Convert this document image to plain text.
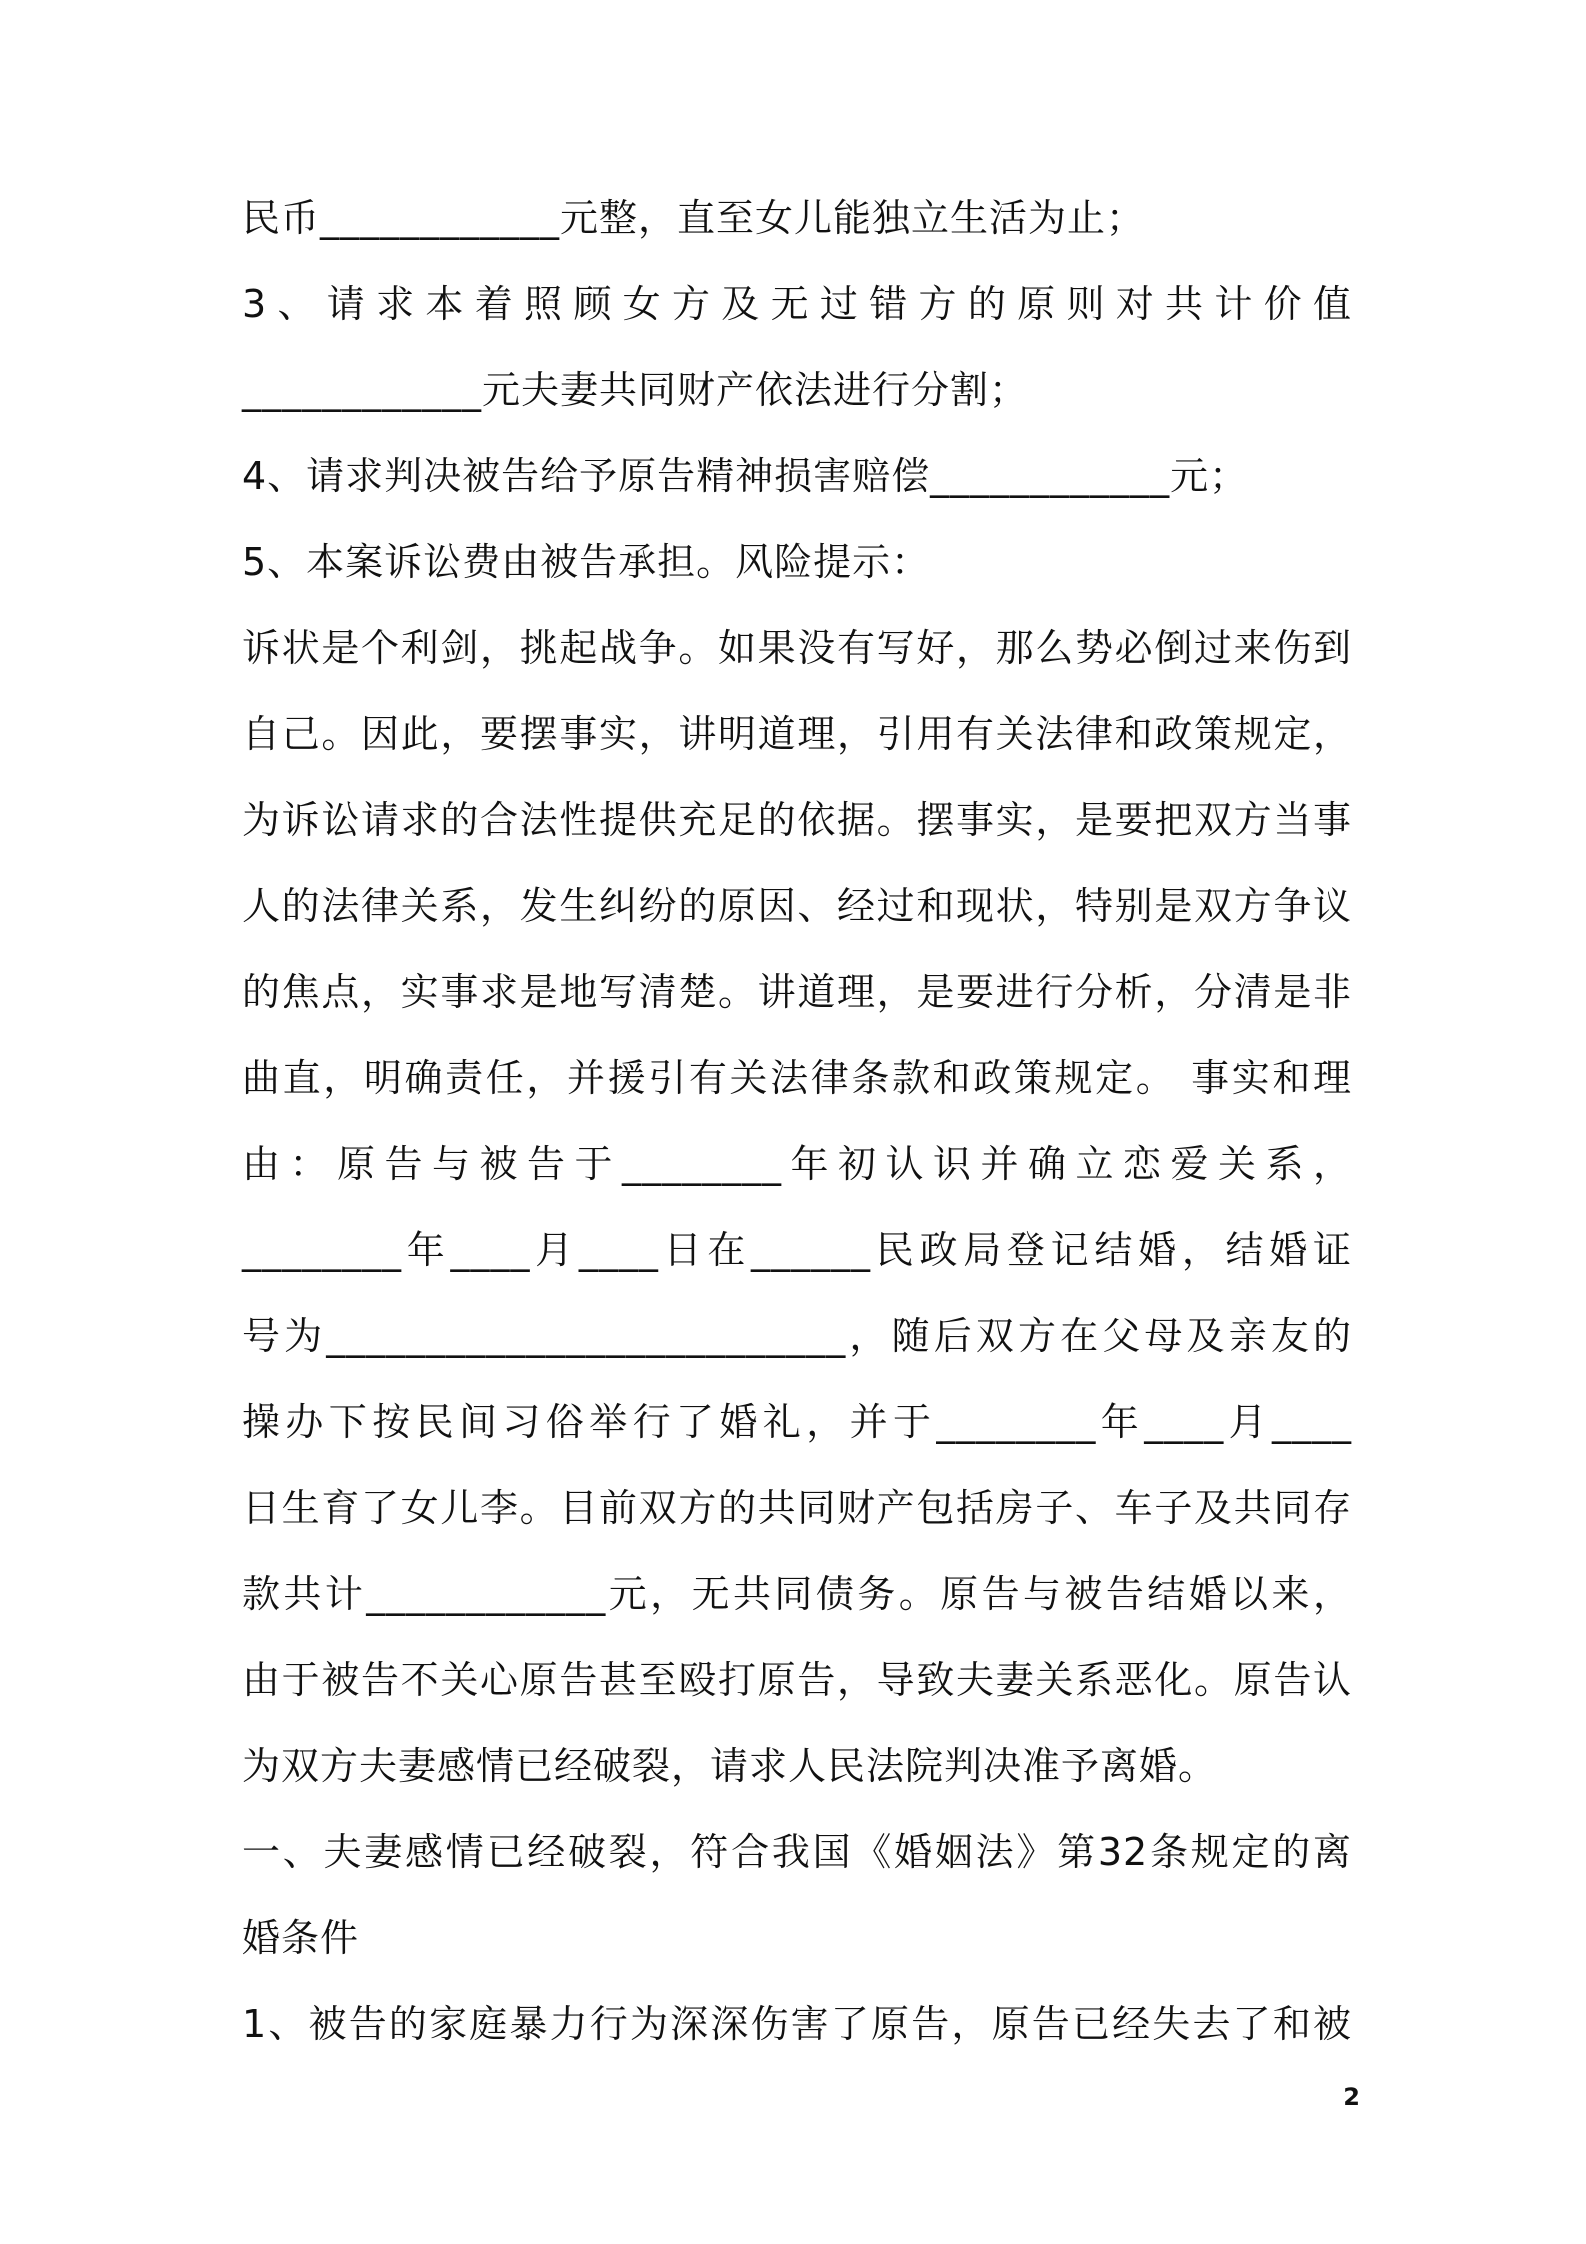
民币____________元整，直至女儿能独立生活为止；
3、请求本着照顾女方及无过错方的原则对共计价值
____________元夫妻共同财产依法进行分割；
4、请求判决被告给予原告精神损害赔偿____________元；
5、本案诉讼费由被告承担。风险提示：
诉状是个利剑，挑起战争。如果没有写好，那么势必倒过来伤到
自己。因此，要摆事实，讲明道理，引用有关法律和政策规定，
为诉讼请求的合法性提供充足的依据。摆事实，是要把双方当事
人的法律关系，发生纠纷的原因、经过和现状，特别是双方争议
的焦点，实事求是地写清楚。讲道理，是要进行分析，分清是非
曲直，明确责任，并援引有关法律条款和政策规定。 事实和理
由：原告与被告于________年初认识并确立恋爱关系，
________年____月____日在______民政局登记结婚，结婚证
号为__________________________，随后双方在父母及亲友的
操办下按民间习俗举行了婚礼，并于________年____月____
日生育了女儿李。目前双方的共同财产包括房子、车子及共同存
款共计____________元，无共同债务。原告与被告结婚以来，
由于被告不关心原告甚至殴打原告，导致夫妻关系恶化。原告认
为双方夫妻感情已经破裂，请求人民法院判决准予离婚。
一、夫妻感情已经破裂，符合我国《婚姻法》第32条规定的离
婚条件
1、被告的家庭暴力行为深深伤害了原告，原告已经失去了和被
2
